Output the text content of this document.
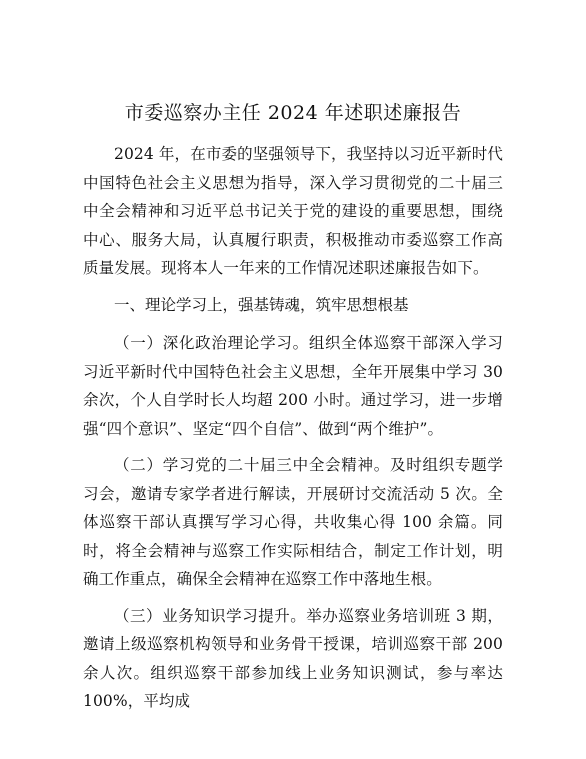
市委巡察办主任 2024 年述职述廉报告

2024 年，在市委的坚强领导下，我坚持以习近平新时代中国特色社会主义思想为指导，深入学习贯彻党的二十届三中全会精神和习近平总书记关于党的建设的重要思想，围绕中心、服务大局，认真履行职责，积极推动市委巡察工作高质量发展。现将本人一年来的工作情况述职述廉报告如下。

一、理论学习上，强基铸魂，筑牢思想根基

（一）深化政治理论学习。组织全体巡察干部深入学习习近平新时代中国特色社会主义思想，全年开展集中学习 30 余次，个人自学时长人均超 200 小时。通过学习，进一步增强“四个意识”、坚定“四个自信”、做到“两个维护”。

（二）学习党的二十届三中全会精神。及时组织专题学习会，邀请专家学者进行解读，开展研讨交流活动 5 次。全体巡察干部认真撰写学习心得，共收集心得 100 余篇。同时，将全会精神与巡察工作实际相结合，制定工作计划，明确工作重点，确保全会精神在巡察工作中落地生根。

（三）业务知识学习提升。举办巡察业务培训班 3 期，邀请上级巡察机构领导和业务骨干授课，培训巡察干部 200 余人次。组织巡察干部参加线上业务知识测试，参与率达 100%，平均成
